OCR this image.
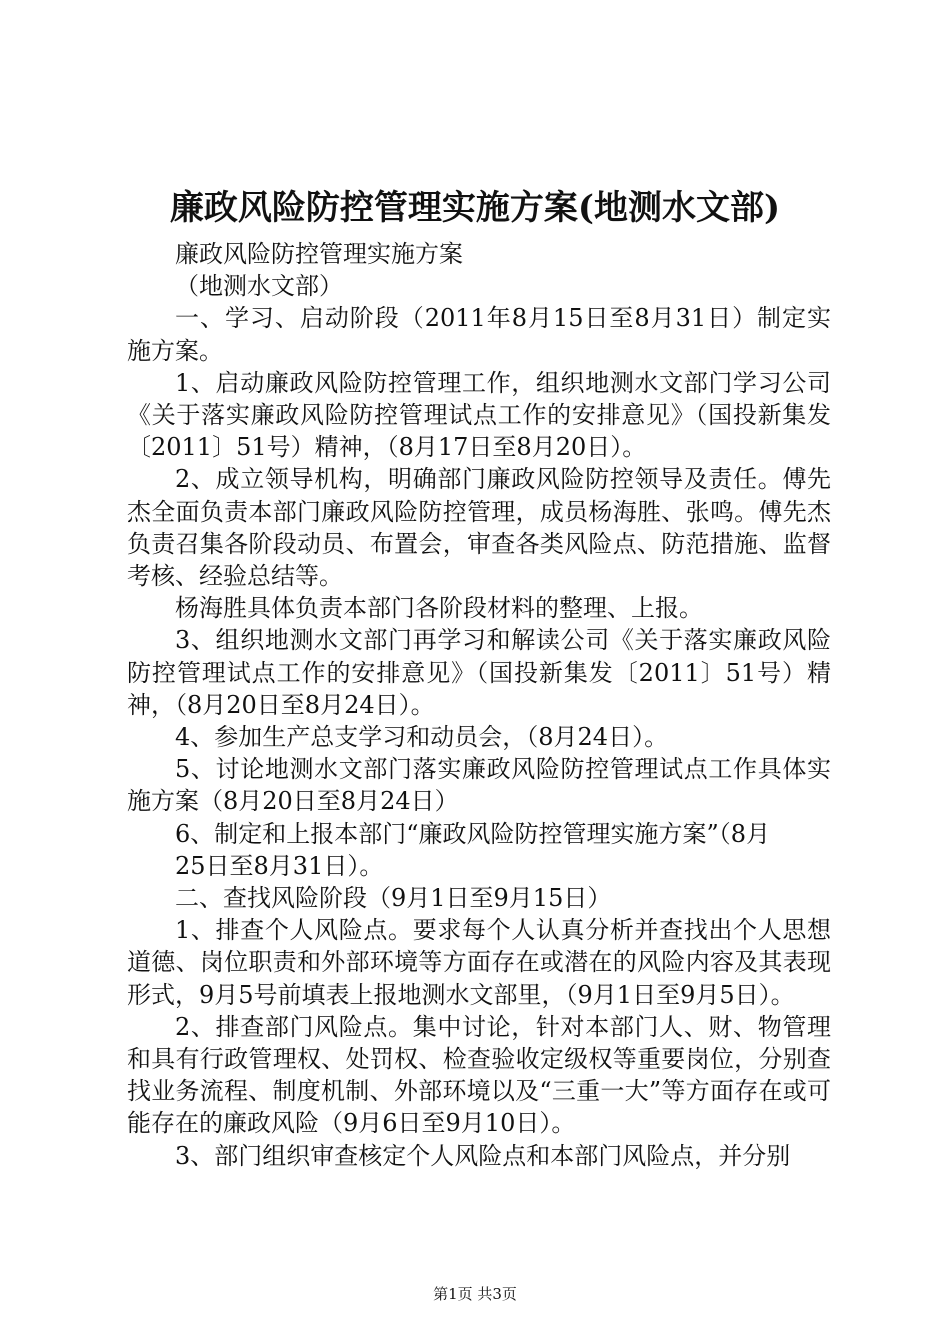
廉政风险防控管理实施方案(地测水文部)

廉政风险防控管理实施方案

（地测水文部）

一、学习、启动阶段（2011年8月15日至8月31日）制定实施方案。

1、启动廉政风险防控管理工作，组织地测水文部门学习公司《关于落实廉政风险防控管理试点工作的安排意见》（国投新集发〔2011〕51号）精神，（8月17日至8月20日）。

2、成立领导机构，明确部门廉政风险防控领导及责任。傅先杰全面负责本部门廉政风险防控管理，成员杨海胜、张鸣。傅先杰负责召集各阶段动员、布置会，审查各类风险点、防范措施、监督考核、经验总结等。

杨海胜具体负责本部门各阶段材料的整理、上报。

3、组织地测水文部门再学习和解读公司《关于落实廉政风险防控管理试点工作的安排意见》（国投新集发〔2011〕51号）精神，（8月20日至8月24日）。

4、参加生产总支学习和动员会，（8月24日）。

5、讨论地测水文部门落实廉政风险防控管理试点工作具体实施方案（8月20日至8月24日）

6、制定和上报本部门“廉政风险防控管理实施方案”（8月

25日至8月31日）。

二、查找风险阶段（9月1日至9月15日）

1、排查个人风险点。要求每个人认真分析并查找出个人思想道德、岗位职责和外部环境等方面存在或潜在的风险内容及其表现形式，9月5号前填表上报地测水文部里，（9月1日至9月5日）。

2、排查部门风险点。集中讨论，针对本部门人、财、物管理和具有行政管理权、处罚权、检查验收定级权等重要岗位，分别查找业务流程、制度机制、外部环境以及“三重一大”等方面存在或可能存在的廉政风险（9月6日至9月10日）。

3、部门组织审查核定个人风险点和本部门风险点，并分别

第1页 共3页
